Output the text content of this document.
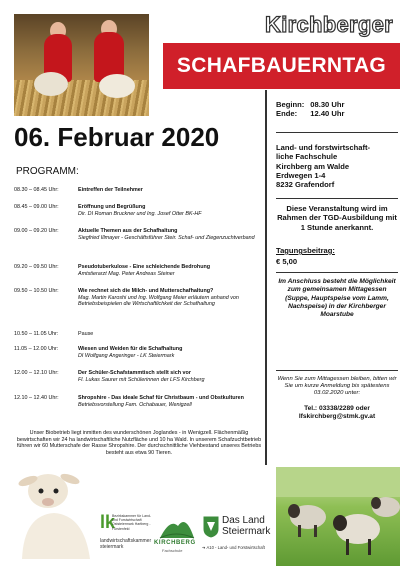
Kirchberger
SCHAFBAUERNTAG
06. Februar 2020
PROGRAMM:
08.30 – 08.45 Uhr:	Eintreffen der Teilnehmer
08.45 – 09.00 Uhr:	Eröffnung und Begrüßung
Dir. DI Roman Bruckner und Ing. Josef Otter BK-HF
09.00 – 09.20 Uhr:	Aktuelle Themen aus der Schafhaltung
Siegfried Illmayer - Geschäftsführer Steir. Schaf- und Ziegenzuchtverband
09.20 – 09.50 Uhr:	Pseudotuberkulose - Eine schleichende Bedrohung
Amtstierarzt Mag. Peter Andreas Steiner
09.50 – 10.50 Uhr:	Wie rechnet sich die Milch- und Mutterschafhaltung?
Mag. Martin Karoshi und Ing. Wolfgang Meier erläutern anhand von Betriebsbeispielen die Wirtschaftlichkeit der Schafhaltung
10.50 – 11.05 Uhr:	Pause
11.05 – 12.00 Uhr:	Wiesen und Weiden für die Schafhaltung
DI Wolfgang Angeringer - LK Steiermark
12.00 – 12.10 Uhr:	Der Schüler-Schafstammtisch stellt sich vor
Fl. Lukas Saurer mit Schülerinnen der LFS Kirchberg
12.10 – 12.40 Uhr:	Shropshire - Das ideale Schaf für Christbaum - und Obstkulturen
Betriebsvorstellung Fam. Ochabauer, Wenigzell
Unser Biobetrieb liegt inmitten des wunderschönen Joglandes - in Wenigzell. Flächenmäßig bewirtschaften wir 24 ha landwirtschaftliche Nutzfläche und 10 ha Wald. In unserem Schafzuchtbetrieb führen wir 60 Mutterschafe der Rasse Shropshire. Der durchschnittliche Viehbestand unseres Betriebs besteht aus etwa 90 Tieren.
Beginn:	08.30 Uhr
Ende:	12.40 Uhr
Land- und forstwirtschaft-
liche Fachschule
Kirchberg am Walde
Erdwegen 1-4
8232 Grafendorf
Diese Veranstaltung wird im Rahmen der TGD-Ausbildung mit 1 Stunde anerkannt.
Tagungsbeitrag:
€ 5,00
Im Anschluss besteht die Möglichkeit zum gemeinsamen Mittagessen (Suppe, Hauptspeise vom Lamm, Nachspeise) in der Kirchberger Moarstube
Wenn Sie zum Mittagessen bleiben, bitten wir Sie um kurze Anmeldung bis spätestens 03.02.2020 unter:
Tel.: 03338/2289 oder
lfskirchberg@stmk.gv.at
lk
Bezirkskammer für Land- und Forstwirtschaft Oststeiermark Hartberg - Fürstenfeld
landwirtschaftskammer steiermark
KIRCHBERG
Fachschule
Das Land
Steiermark
➔ A10 - Land- und Forstwirtschaft
